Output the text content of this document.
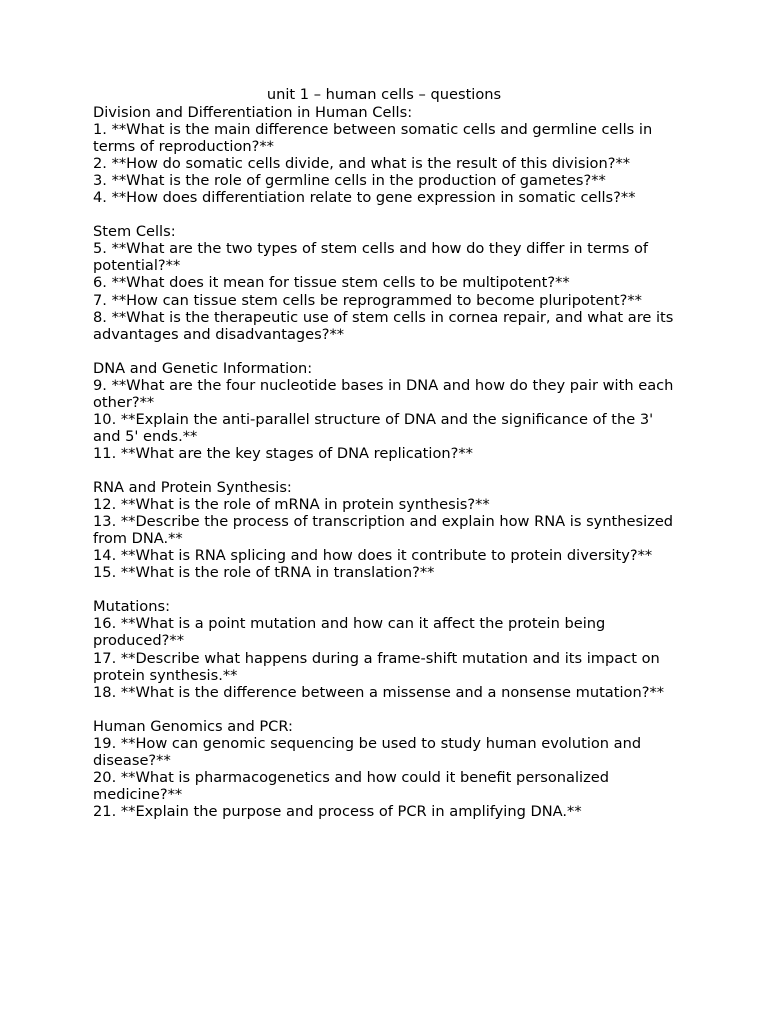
unit 1 – human cells – questions
Division and Differentiation in Human Cells:
1. **What is the main difference between somatic cells and germline cells in terms of reproduction?**
2. **How do somatic cells divide, and what is the result of this division?**
3. **What is the role of germline cells in the production of gametes?**
4. **How does differentiation relate to gene expression in somatic cells?**
Stem Cells:
5. **What are the two types of stem cells and how do they differ in terms of potential?**
6. **What does it mean for tissue stem cells to be multipotent?**
7. **How can tissue stem cells be reprogrammed to become pluripotent?**
8. **What is the therapeutic use of stem cells in cornea repair, and what are its advantages and disadvantages?**
DNA and Genetic Information:
9. **What are the four nucleotide bases in DNA and how do they pair with each other?**
10. **Explain the anti-parallel structure of DNA and the significance of the 3' and 5' ends.**
11. **What are the key stages of DNA replication?**
RNA and Protein Synthesis:
12. **What is the role of mRNA in protein synthesis?**
13. **Describe the process of transcription and explain how RNA is synthesized from DNA.**
14. **What is RNA splicing and how does it contribute to protein diversity?**
15. **What is the role of tRNA in translation?**
Mutations:
16. **What is a point mutation and how can it affect the protein being produced?**
17. **Describe what happens during a frame-shift mutation and its impact on protein synthesis.**
18. **What is the difference between a missense and a nonsense mutation?**
Human Genomics and PCR:
19. **How can genomic sequencing be used to study human evolution and disease?**
20. **What is pharmacogenetics and how could it benefit personalized medicine?**
21. **Explain the purpose and process of PCR in amplifying DNA.**
